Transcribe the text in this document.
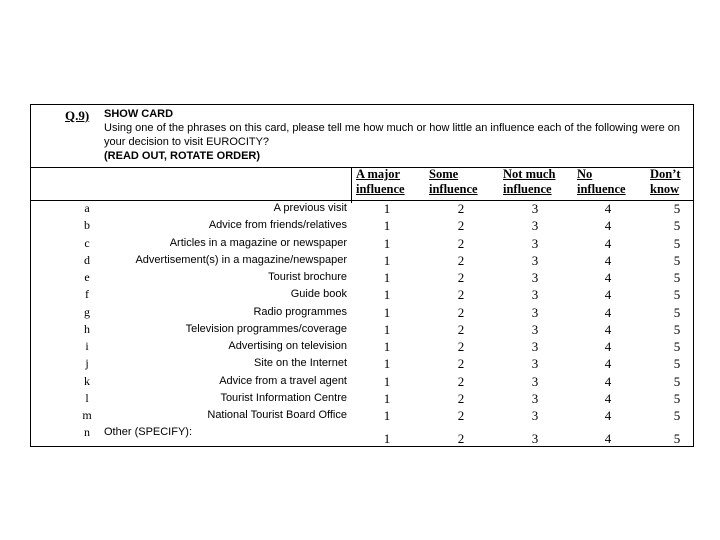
Q.9) SHOW CARD
Using one of the phrases on this card, please tell me how much or how little an influence each of the following were on your decision to visit EUROCITY?
(READ OUT, ROTATE ORDER)
A major
influence
Some
influence
Not much
influence
No
influence
Don’t
know
a	A previous visit	1	2	3	4	5
b	Advice from friends/relatives	1	2	3	4	5
c	Articles in a magazine or newspaper	1	2	3	4	5
d	Advertisement(s) in a magazine/newspaper	1	2	3	4	5
e	Tourist brochure	1	2	3	4	5
f	Guide book	1	2	3	4	5
g	Radio programmes	1	2	3	4	5
h	Television programmes/coverage	1	2	3	4	5
i	Advertising on television	1	2	3	4	5
j	Site on the Internet	1	2	3	4	5
k	Advice from a travel agent	1	2	3	4	5
l	Tourist Information Centre	1	2	3	4	5
m	National Tourist Board Office	1	2	3	4	5
n	Other (SPECIFY):	1	2	3	4	5
